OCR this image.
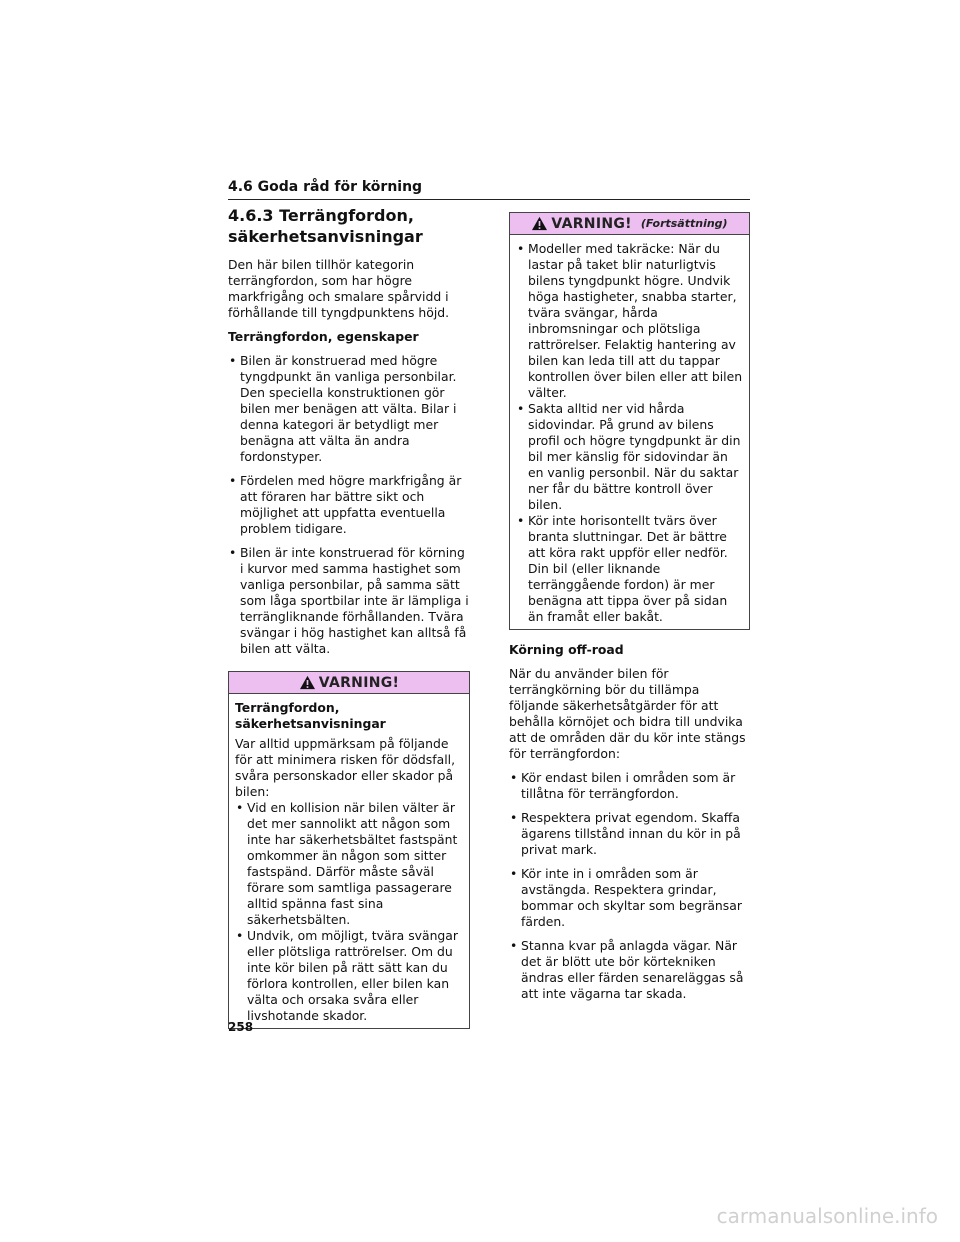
4.6 Goda råd för körning
4.6.3 Terrängfordon,
säkerhetsanvisningar

Den här bilen tillhör kategorin terrängfordon, som har högre markfrigång och smalare spårvidd i förhållande till tyngdpunktens höjd.

Terrängfordon, egenskaper
• Bilen är konstruerad med högre tyngdpunkt än vanliga personbilar. Den speciella konstruktionen gör bilen mer benägen att välta. Bilar i denna kategori är betydligt mer benägna att välta än andra fordonstyper.
• Fördelen med högre markfrigång är att föraren har bättre sikt och möjlighet att uppfatta eventuella problem tidigare.
• Bilen är inte konstruerad för körning i kurvor med samma hastighet som vanliga personbilar, på samma sätt som låga sportbilar inte är lämpliga i terrängliknande förhållanden. Tvära svängar i hög hastighet kan alltså få bilen att välta.
VARNING!
Terrängfordon, säkerhetsanvisningar

Var alltid uppmärksam på följande för att minimera risken för dödsfall, svåra personskador eller skador på bilen:

• Vid en kollision när bilen välter är det mer sannolikt att någon som inte har säkerhetsbältet fastspänt omkommer än någon som sitter fastspänd. Därför måste såväl förare som samtliga passagerare alltid spänna fast sina säkerhetsbälten.
• Undvik, om möjligt, tvära svängar eller plötsliga rattrörelser. Om du inte kör bilen på rätt sätt kan du förlora kontrollen, eller bilen kan välta och orsaka svåra eller livshotande skador.
VARNING! (Fortsättning)
• Modeller med takräcke: När du lastar på taket blir naturligtvis bilens tyngdpunkt högre. Undvik höga hastigheter, snabba starter, tvära svängar, hårda inbromsningar och plötsliga rattrörelser. Felaktig hantering av bilen kan leda till att du tappar kontrollen över bilen eller att bilen välter.
• Sakta alltid ner vid hårda sidovindar. På grund av bilens profil och högre tyngdpunkt är din bil mer känslig för sidovindar än en vanlig personbil. När du saktar ner får du bättre kontroll över bilen.
• Kör inte horisontellt tvärs över branta sluttningar. Det är bättre att köra rakt uppför eller nedför. Din bil (eller liknande terränggående fordon) är mer benägna att tippa över på sidan än framåt eller bakåt.
Körning off-road

När du använder bilen för terrängkörning bör du tillämpa följande säkerhetsåtgärder för att behålla körnöjet och bidra till undvika att de områden där du kör inte stängs för terrängfordon:

• Kör endast bilen i områden som är tillåtna för terrängfordon.
• Respektera privat egendom. Skaffa ägarens tillstånd innan du kör in på privat mark.
• Kör inte in i områden som är avstängda. Respektera grindar, bommar och skyltar som begränsar färden.
• Stanna kvar på anlagda vägar. När det är blött ute bör körtekniken ändras eller färden senareläggas så att inte vägarna tar skada.
258
carmanualsonline.info
